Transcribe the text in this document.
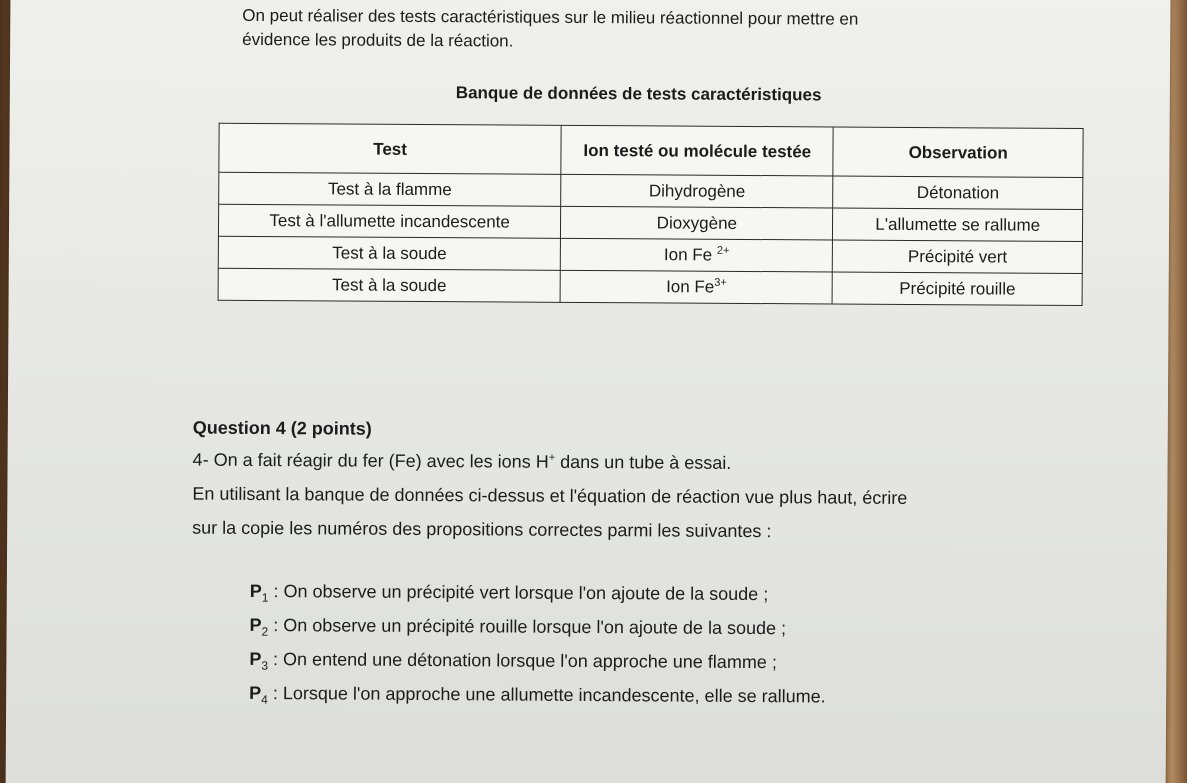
On peut réaliser des tests caractéristiques sur le milieu réactionnel pour mettre en
évidence les produits de la réaction.
Banque de données de tests caractéristiques
Test	Ion testé ou molécule testée	Observation
Test à la flamme	Dihydrogène	Détonation
Test à l'allumette incandescente	Dioxygène	L'allumette se rallume
Test à la soude	Ion Fe $^{2+}$	Précipité vert
Test à la soude	Ion $Fe^{3+}$	Précipité rouille
Question 4 (2 points)
4- On a fait réagir du fer (Fe) avec les ions H+ dans un tube à essai.
En utilisant la banque de données ci-dessus et l'équation de réaction vue plus haut, écrire
sur la copie les numéros des propositions correctes parmi les suivantes :
$P_1$ : On observe un précipité vert lorsque l'on ajoute de la soude ;
$P_2$ : On observe un précipité rouille lorsque l'on ajoute de la soude ;
$P_3$ : On entend une détonation lorsque l'on approche une flamme ;
$P_4$ : Lorsque l'on approche une allumette incandescente, elle se rallume.
